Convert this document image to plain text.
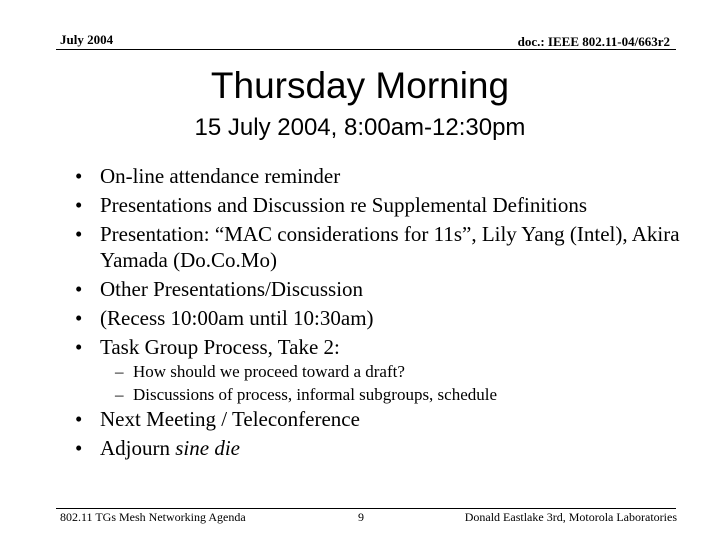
July 2004	doc.: IEEE 802.11-04/663r2
Thursday Morning
15 July 2004, 8:00am-12:30pm
• On-line attendance reminder
• Presentations and Discussion re Supplemental Definitions
• Presentation: “MAC considerations for 11s”, Lily Yang (Intel), Akira Yamada (Do.Co.Mo)
• Other Presentations/Discussion
• (Recess 10:00am until 10:30am)
• Task Group Process, Take 2:
– How should we proceed toward a draft?
– Discussions of process, informal subgroups, schedule
• Next Meeting / Teleconference
• Adjourn sine die
802.11 TGs Mesh Networking Agenda	9	Donald Eastlake 3rd, Motorola Laboratories
